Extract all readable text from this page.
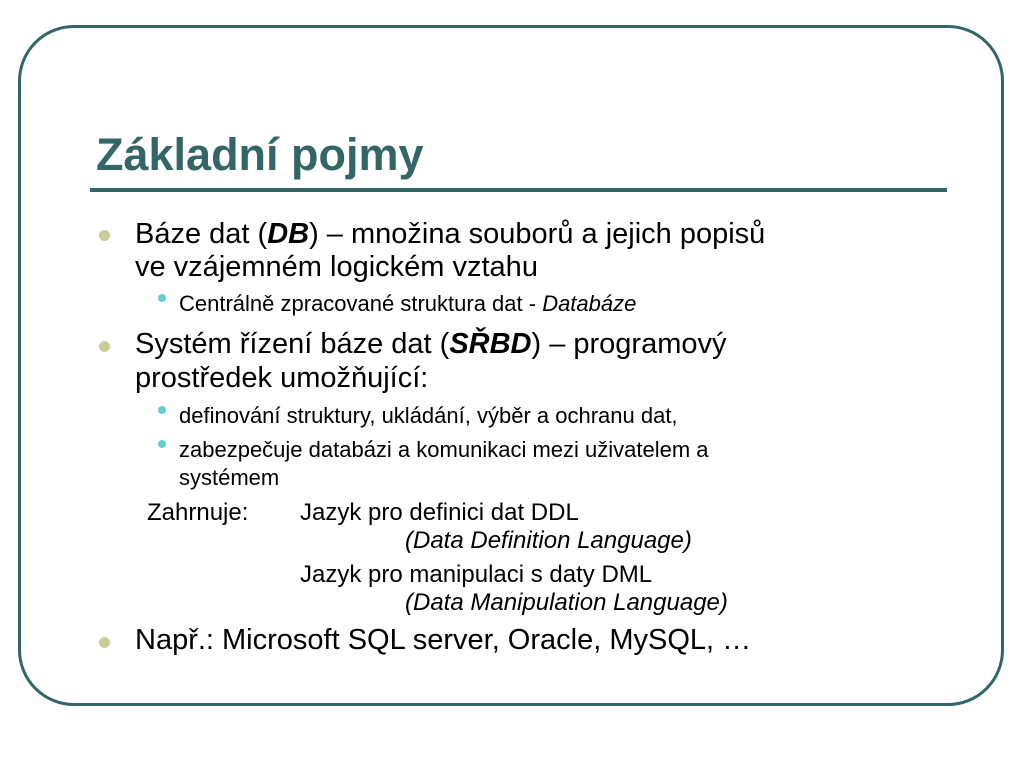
Základní pojmy
Báze dat (DB) – množina souborů a jejich popisů
ve vzájemném logickém vztahu
Centrálně zpracované struktura dat - Databáze
Systém řízení báze dat (SŘBD) – programový
prostředek umožňující:
definování struktury, ukládání, výběr a ochranu dat,
zabezpečuje databázi a komunikaci mezi uživatelem a
systémem
Zahrnuje: Jazyk pro definici dat DDL
(Data Definition Language)
Jazyk pro manipulaci s daty DML
(Data Manipulation Language)
Např.: Microsoft SQL server, Oracle, MySQL, …
